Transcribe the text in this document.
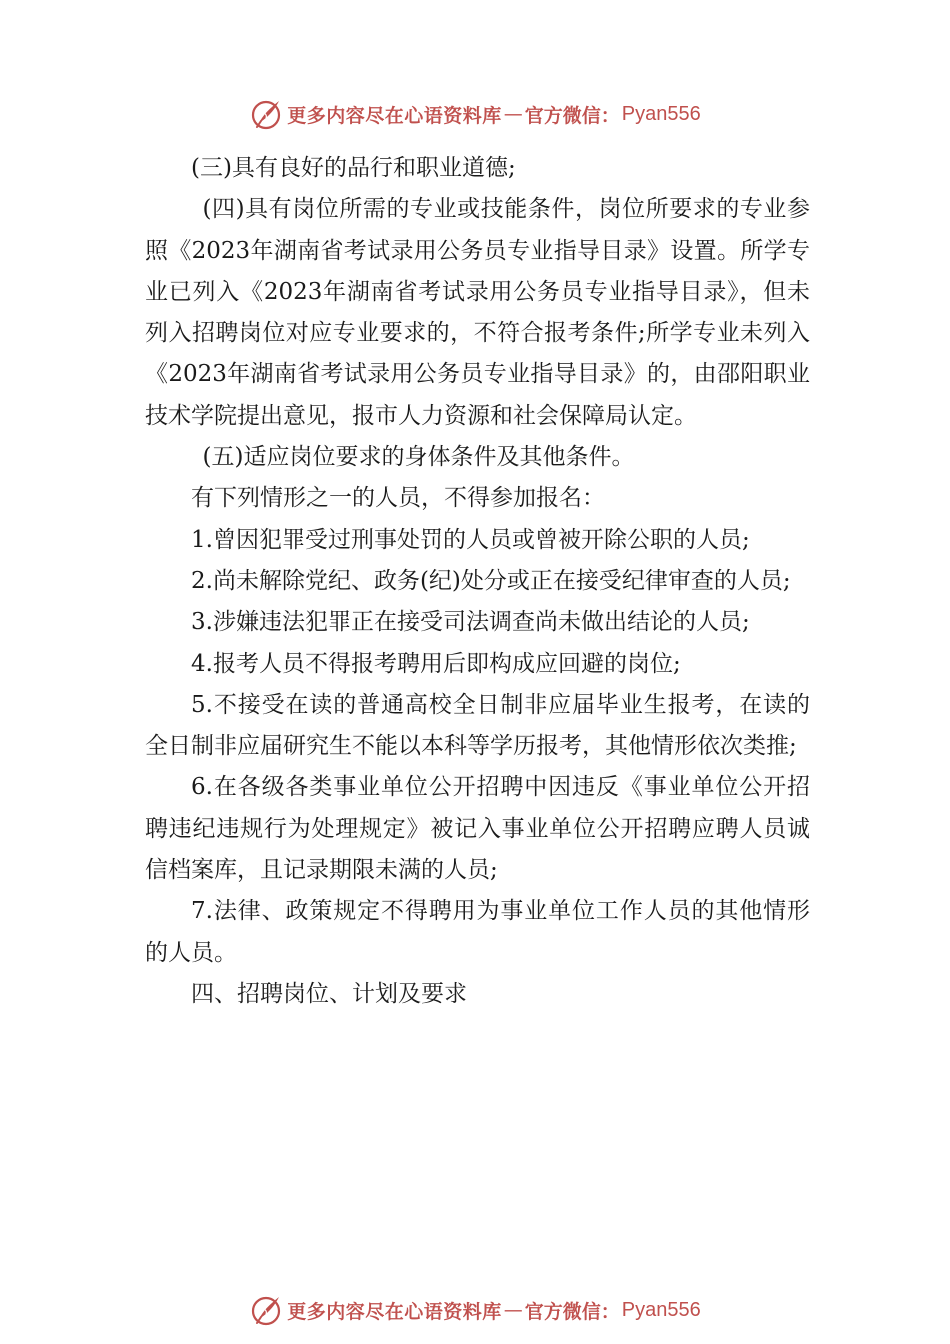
更多内容尽在心语资料库 — 官方微信： Pyan556

(三)具有良好的品行和职业道德;

(四)具有岗位所需的专业或技能条件，岗位所要求的专业参照《2023年湖南省考试录用公务员专业指导目录》设置。所学专业已列入《2023年湖南省考试录用公务员专业指导目录》，但未列入招聘岗位对应专业要求的，不符合报考条件;所学专业未列入《2023年湖南省考试录用公务员专业指导目录》的，由邵阳职业技术学院提出意见，报市人力资源和社会保障局认定。

(五)适应岗位要求的身体条件及其他条件。

有下列情形之一的人员，不得参加报名：

1.曾因犯罪受过刑事处罚的人员或曾被开除公职的人员;

2.尚未解除党纪、政务(纪)处分或正在接受纪律审查的人员;

3.涉嫌违法犯罪正在接受司法调查尚未做出结论的人员;

4.报考人员不得报考聘用后即构成应回避的岗位;

5.不接受在读的普通高校全日制非应届毕业生报考，在读的全日制非应届研究生不能以本科等学历报考，其他情形依次类推;

6.在各级各类事业单位公开招聘中因违反《事业单位公开招聘违纪违规行为处理规定》被记入事业单位公开招聘应聘人员诚信档案库，且记录期限未满的人员;

7.法律、政策规定不得聘用为事业单位工作人员的其他情形的人员。

四、招聘岗位、计划及要求

更多内容尽在心语资料库 — 官方微信： Pyan556
